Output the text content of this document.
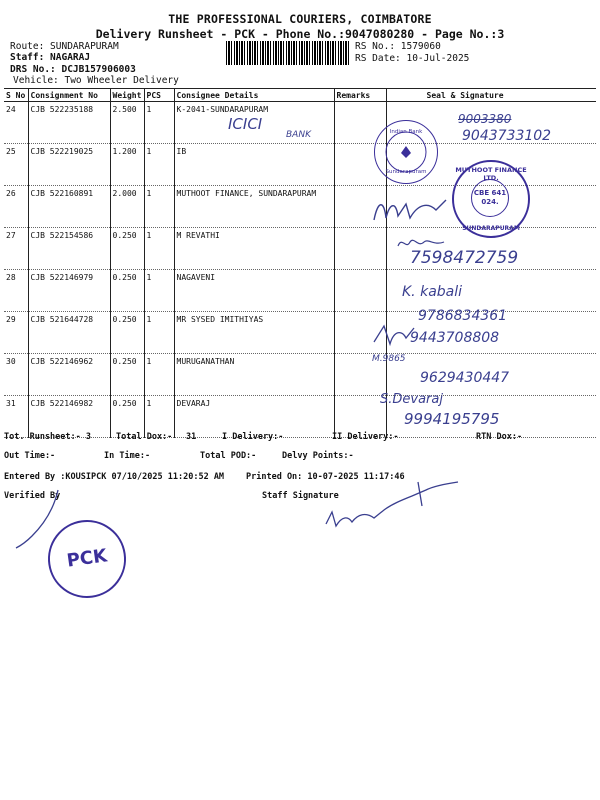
THE PROFESSIONAL COURIERS, COIMBATORE
Delivery Runsheet - PCK - Phone No.:9047080280 - Page No.:3
Route: SUNDARAPURAM
Staff: NAGARAJ
DRS No.: DCJB157906003
Vehicle: Two Wheeler Delivery
RS No.: 1579060
RS Date: 10-Jul-2025
S No	Consignment No	Weight	PCS	Consignee Details	Remarks	Seal & Signature
24	CJB 522235188	2.500	1	K-2041-SUNDARAPURAM		
25	CJB 522219025	1.200	1	IB		
26	CJB 522160891	2.000	1	MUTHOOT FINANCE, SUNDARAPURAM		
27	CJB 522154586	0.250	1	M REVATHI		
28	CJB 522146979	0.250	1	NAGAVENI		
29	CJB 521644728	0.250	1	MR SYSED IMITHIYAS		
30	CJB 522146962	0.250	1	MURUGANATHAN		
31	CJB 522146982	0.250	1	DEVARAJ		
ICICI
BANK
9003380
9043733102
Indian Bank
Sundarapuram	MUTHOOT FINANCE LTD.
CBE 641 024.
SUNDARAPURAM
7598472759
K. kabali
9786834361
9443708808
M.9865
9629430447
S.Devaraj
9994195795
Tot. Runsheet:- 3	Total Dox:- 31	I Delivery:-	II Delivery:-	RTN Dox:-
Out Time:-	In Time:-	Total POD:-	Delvy Points:-
Entered By :KOUSIPCK 07/10/2025 11:20:52 AM	Printed On: 10-07-2025 11:17:46
Verified By	Staff Signature
PCK
